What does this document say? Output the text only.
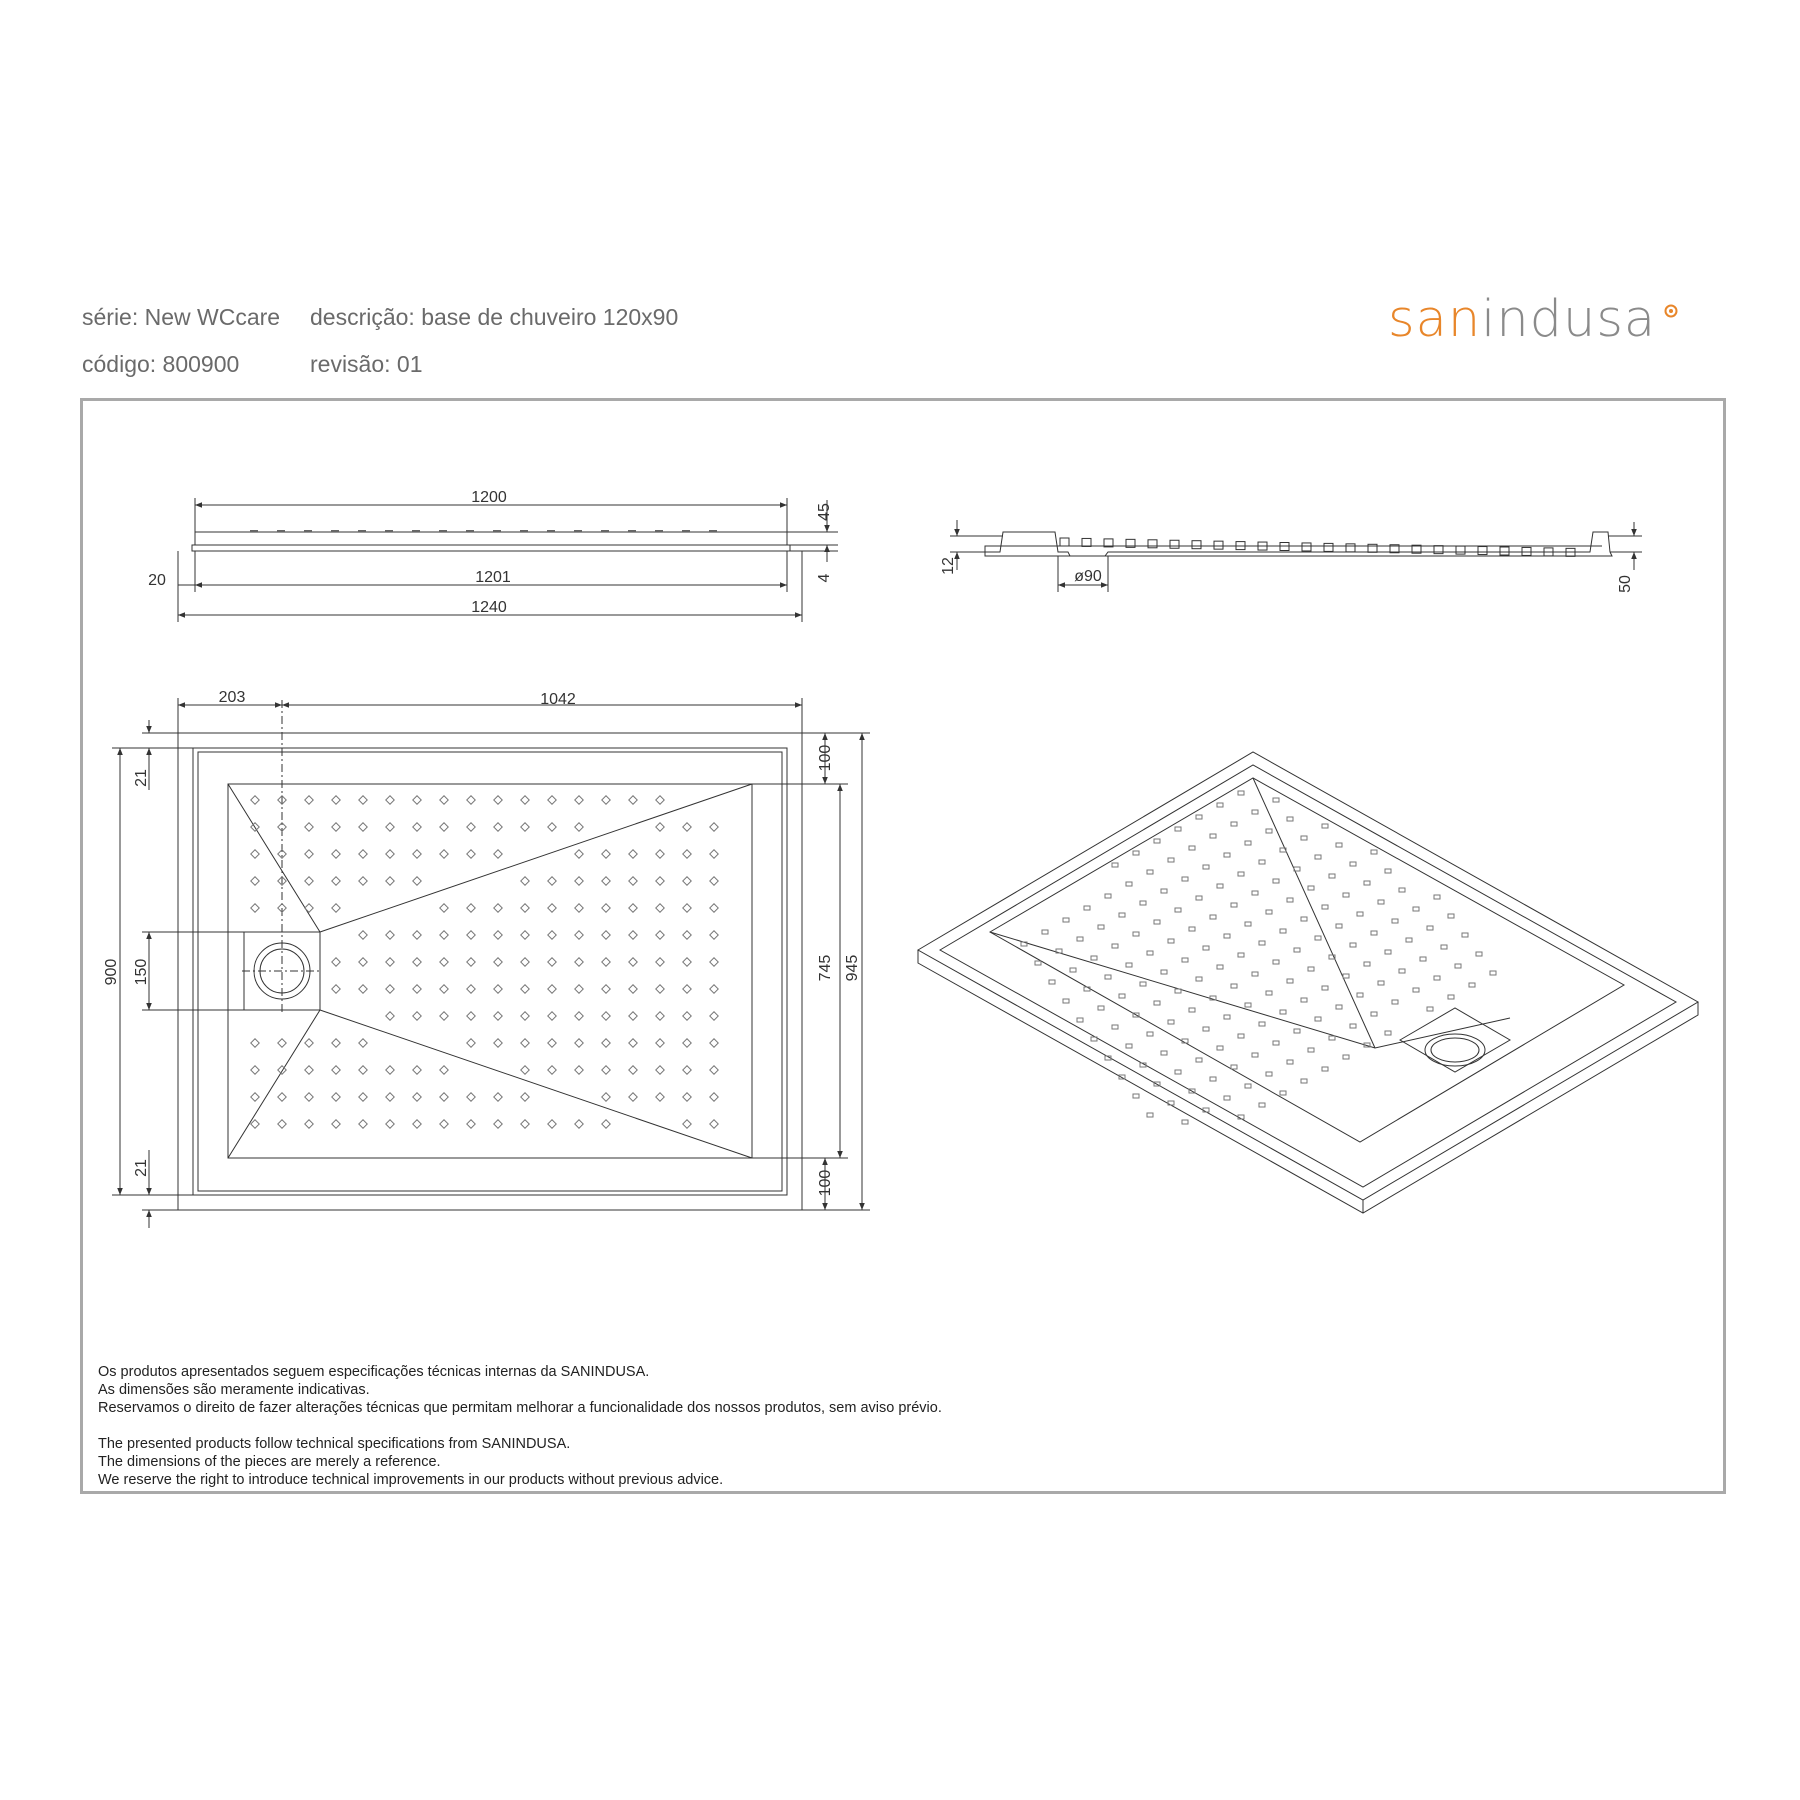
série: New WCcare descrição: base de chuveiro 120x90
código: 800900	revisão: 01
sanindusa
1200
45
20	1201	4
1240
12
ø90	50
203	1042
21
900 150
21
100
745 945
100
Os produtos apresentados seguem especificações técnicas internas da SANINDUSA.
As dimensões são meramente indicativas.
Reservamos o direito de fazer alterações técnicas que permitam melhorar a funcionalidade dos nossos produtos, sem aviso prévio.
The presented products follow technical specifications from SANINDUSA.
The dimensions of the pieces are merely a reference.
We reserve the right to introduce technical improvements in our products without previous advice.
